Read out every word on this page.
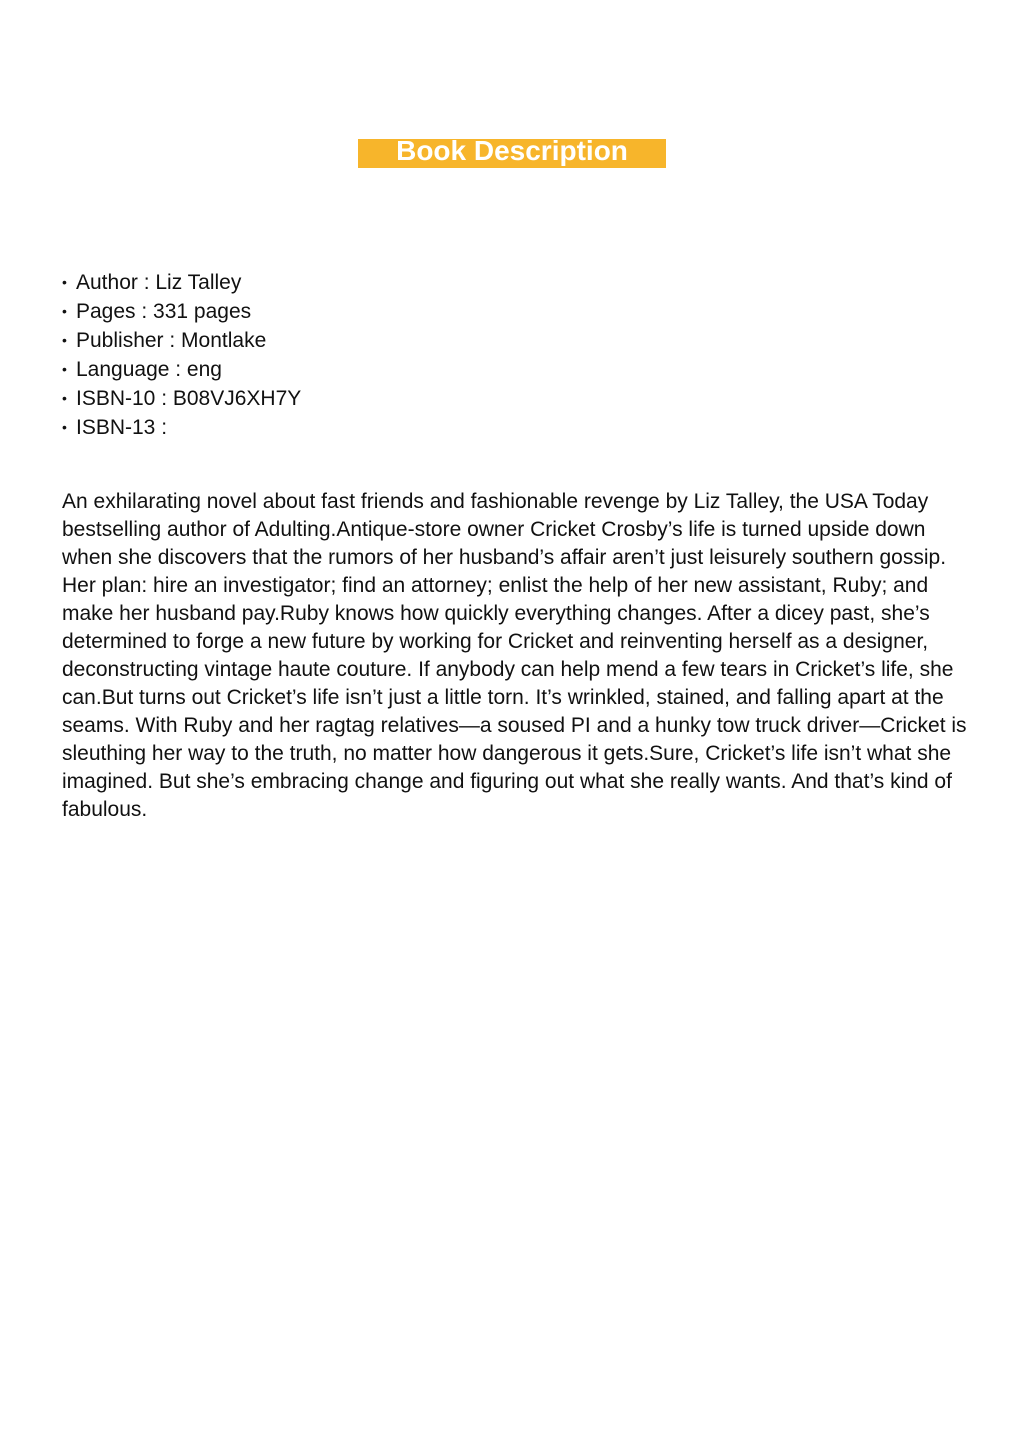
Book Description
• Author : Liz Talley
• Pages : 331 pages
• Publisher : Montlake
• Language : eng
• ISBN-10 : B08VJ6XH7Y
• ISBN-13 :

An exhilarating novel about fast friends and fashionable revenge by Liz Talley, the USA Today bestselling author of Adulting.Antique-store owner Cricket Crosby’s life is turned upside down when she discovers that the rumors of her husband’s affair aren’t just leisurely southern gossip. Her plan: hire an investigator; find an attorney; enlist the help of her new assistant, Ruby; and make her husband pay.Ruby knows how quickly everything changes. After a dicey past, she’s determined to forge a new future by working for Cricket and reinventing herself as a designer, deconstructing vintage haute couture. If anybody can help mend a few tears in Cricket’s life, she can.But turns out Cricket’s life isn’t just a little torn. It’s wrinkled, stained, and falling apart at the seams. With Ruby and her ragtag relatives—a soused PI and a hunky tow truck driver—Cricket is sleuthing her way to the truth, no matter how dangerous it gets.Sure, Cricket’s life isn’t what she imagined. But she’s embracing change and figuring out what she really wants. And that’s kind of fabulous.
